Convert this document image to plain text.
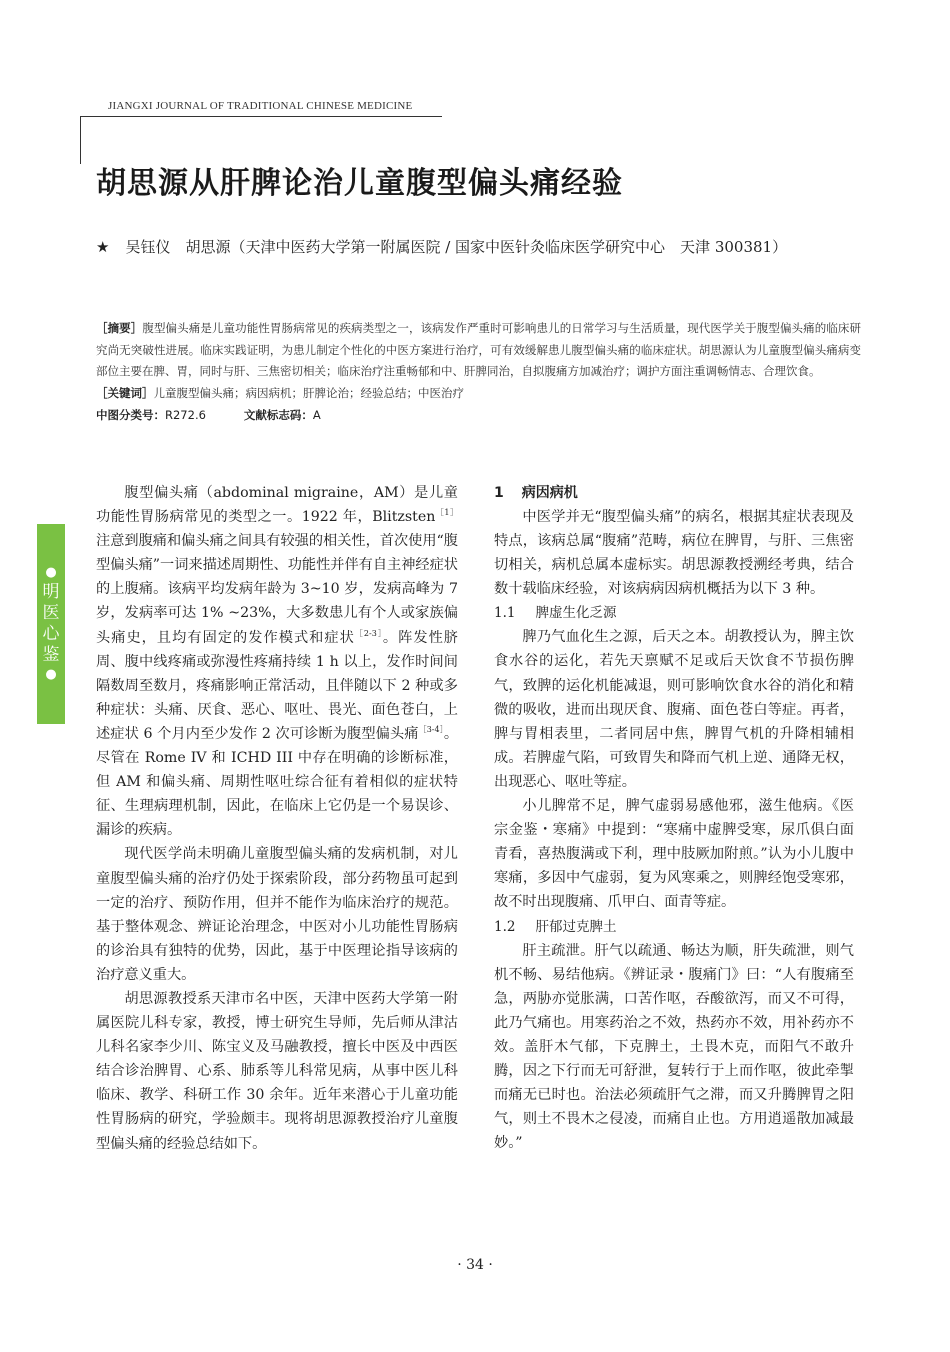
JIANGXI JOURNAL OF TRADITIONAL CHINESE MEDICINE
胡思源从肝脾论治儿童腹型偏头痛经验
★ 吴钰仪　胡思源（天津中医药大学第一附属医院 / 国家中医针灸临床医学研究中心　天津 300381）

［摘要］腹型偏头痛是儿童功能性胃肠病常见的疾病类型之一，该病发作严重时可影响患儿的日常学习与生活质量，现代医学关于腹型偏头痛的临床研究尚无突破性进展。临床实践证明，为患儿制定个性化的中医方案进行治疗，可有效缓解患儿腹型偏头痛的临床症状。胡思源认为儿童腹型偏头痛病变部位主要在脾、胃，同时与肝、三焦密切相关；临床治疗注重畅郁和中、肝脾同治，自拟腹痛方加减治疗；调护方面注重调畅情志、合理饮食。

［关键词］儿童腹型偏头痛；病因病机；肝脾论治；经验总结；中医治疗

中图分类号：R272.6	文献标志码：A
●
明
医
心
鉴
●

腹型偏头痛（abdominal migraine，AM）是儿童功能性胃肠病常见的类型之一。1922 年，Blitzsten$^{[1]}$注意到腹痛和偏头痛之间具有较强的相关性，首次使用“腹型偏头痛”一词来描述周期性、功能性并伴有自主神经症状的上腹痛。该病平均发病年龄为 3~10 岁，发病高峰为 7 岁，发病率可达 1% ~23%，大多数患儿有个人或家族偏头痛史，且均有固定的发作模式和症状$^{[2-3]}$。阵发性脐周、腹中线疼痛或弥漫性疼痛持续 1 h 以上，发作时间间隔数周至数月，疼痛影响正常活动，且伴随以下 2 种或多种症状：头痛、厌食、恶心、呕吐、畏光、面色苍白，上述症状 6 个月内至少发作 2 次可诊断为腹型偏头痛$^{[3-4]}$。尽管在 Rome IV 和 ICHD III 中存在明确的诊断标准，但 AM 和偏头痛、周期性呕吐综合征有着相似的症状特征、生理病理机制，因此，在临床上它仍是一个易误诊、漏诊的疾病。

现代医学尚未明确儿童腹型偏头痛的发病机制，对儿童腹型偏头痛的治疗仍处于探索阶段，部分药物虽可起到一定的治疗、预防作用，但并不能作为临床治疗的规范。基于整体观念、辨证论治理念，中医对小儿功能性胃肠病的诊治具有独特的优势，因此，基于中医理论指导该病的治疗意义重大。

胡思源教授系天津市名中医，天津中医药大学第一附属医院儿科专家，教授，博士研究生导师，先后师从津沽儿科名家李少川、陈宝义及马融教授，擅长中医及中西医结合诊治脾胃、心系、肺系等儿科常见病，从事中医儿科临床、教学、科研工作 30 余年。近年来潜心于儿童功能性胃肠病的研究，学验颇丰。现将胡思源教授治疗儿童腹型偏头痛的经验总结如下。

1 病因病机

中医学并无“腹型偏头痛”的病名，根据其症状表现及特点，该病总属“腹痛”范畴，病位在脾胃，与肝、三焦密切相关，病机总属本虚标实。胡思源教授溯经考典，结合数十载临床经验，对该病病因病机概括为以下 3 种。

1.1 脾虚生化乏源

脾乃气血化生之源，后天之本。胡教授认为，脾主饮食水谷的运化，若先天禀赋不足或后天饮食不节损伤脾气，致脾的运化机能减退，则可影响饮食水谷的消化和精微的吸收，进而出现厌食、腹痛、面色苍白等症。再者，脾与胃相表里，二者同居中焦，脾胃气机的升降相辅相成。若脾虚气陷，可致胃失和降而气机上逆、通降无权，出现恶心、呕吐等症。

小儿脾常不足，脾气虚弱易感他邪，滋生他病。《医宗金鉴・寒痛》中提到：“寒痛中虚脾受寒，尿爪俱白面青看，喜热腹满或下利，理中肢厥加附煎。”认为小儿腹中寒痛，多因中气虚弱，复为风寒乘之，则脾经饱受寒邪，故不时出现腹痛、爪甲白、面青等症。

1.2 肝郁过克脾土

肝主疏泄。肝气以疏通、畅达为顺，肝失疏泄，则气机不畅、易结他病。《辨证录・腹痛门》曰：“人有腹痛至急，两胁亦觉胀满，口苦作呕，吞酸欲泻，而又不可得，此乃气痛也。用寒药治之不效，热药亦不效，用补药亦不效。盖肝木气郁，下克脾土，土畏木克，而阳气不敢升腾，因之下行而无可舒泄，复转行于上而作呕，彼此牵掣而痛无已时也。治法必须疏肝气之滞，而又升腾脾胃之阳气，则土不畏木之侵凌，而痛自止也。方用逍遥散加减最妙。”

· 34 ·
